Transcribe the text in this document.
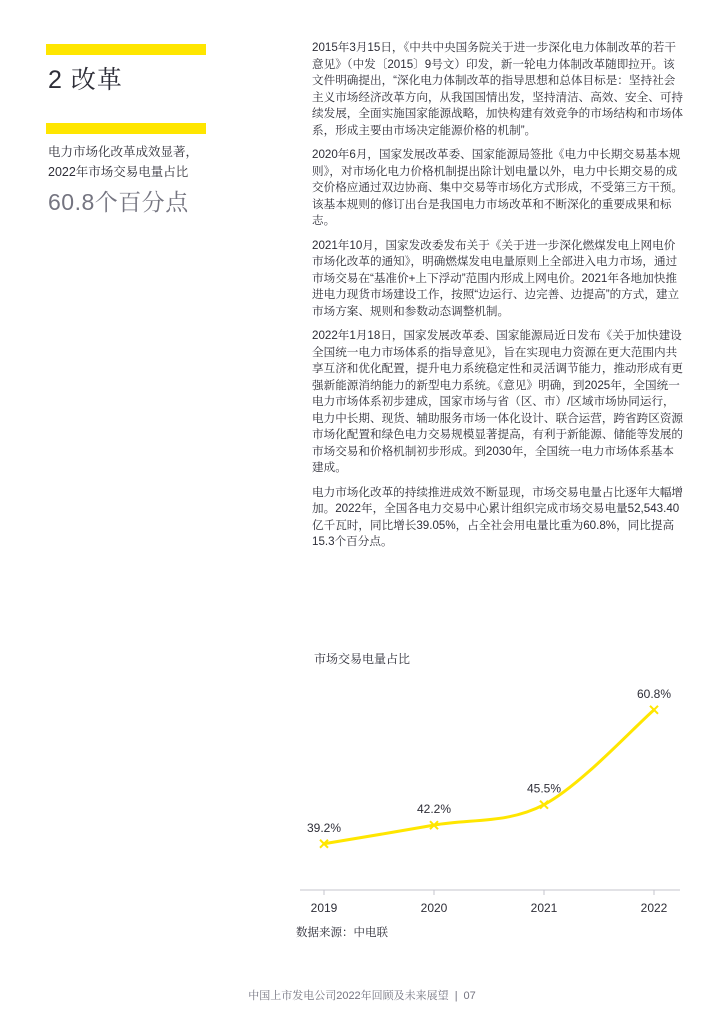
2 改革
电力市场化改革成效显著，2022年市场交易电量占比
60.8个百分点

2015年3月15日，《中共中央国务院关于进一步深化电力体制改革的若干意见》（中发〔2015〕9号文）印发，新一轮电力体制改革随即拉开。该文件明确提出，“深化电力体制改革的指导思想和总体目标是：坚持社会主义市场经济改革方向，从我国国情出发，坚持清洁、高效、安全、可持续发展，全面实施国家能源战略，加快构建有效竞争的市场结构和市场体系，形成主要由市场决定能源价格的机制”。

2020年6月，国家发展改革委、国家能源局签批《电力中长期交易基本规则》，对市场化电力价格机制提出除计划电量以外，电力中长期交易的成交价格应通过双边协商、集中交易等市场化方式形成，不受第三方干预。该基本规则的修订出台是我国电力市场改革和不断深化的重要成果和标志。

2021年10月，国家发改委发布关于《关于进一步深化燃煤发电上网电价市场化改革的通知》，明确燃煤发电电量原则上全部进入电力市场，通过市场交易在“基准价+上下浮动”范围内形成上网电价。2021年各地加快推进电力现货市场建设工作，按照“边运行、边完善、边提高”的方式，建立市场方案、规则和参数动态调整机制。

2022年1月18日，国家发展改革委、国家能源局近日发布《关于加快建设全国统一电力市场体系的指导意见》，旨在实现电力资源在更大范围内共享互济和优化配置，提升电力系统稳定性和灵活调节能力，推动形成有更强新能源消纳能力的新型电力系统。《意见》明确，到2025年，全国统一电力市场体系初步建成，国家市场与省（区、市）/区域市场协同运行，电力中长期、现货、辅助服务市场一体化设计、联合运营，跨省跨区资源市场化配置和绿色电力交易规模显著提高，有利于新能源、储能等发展的市场交易和价格机制初步形成。到2030年，全国统一电力市场体系基本建成。

电力市场化改革的持续推进成效不断显现，市场交易电量占比逐年大幅增加。2022年，全国各电力交易中心累计组织完成市场交易电量52,543.40亿千瓦时，同比增长39.05%，占全社会用电量比重为60.8%，同比提高15.3个百分点。

市场交易电量占比
2019	2020	2021	2022
39.2%
42.2%
45.5%
60.8%
数据来源：中电联
中国上市发电公司2022年回顾及未来展望 | 07
